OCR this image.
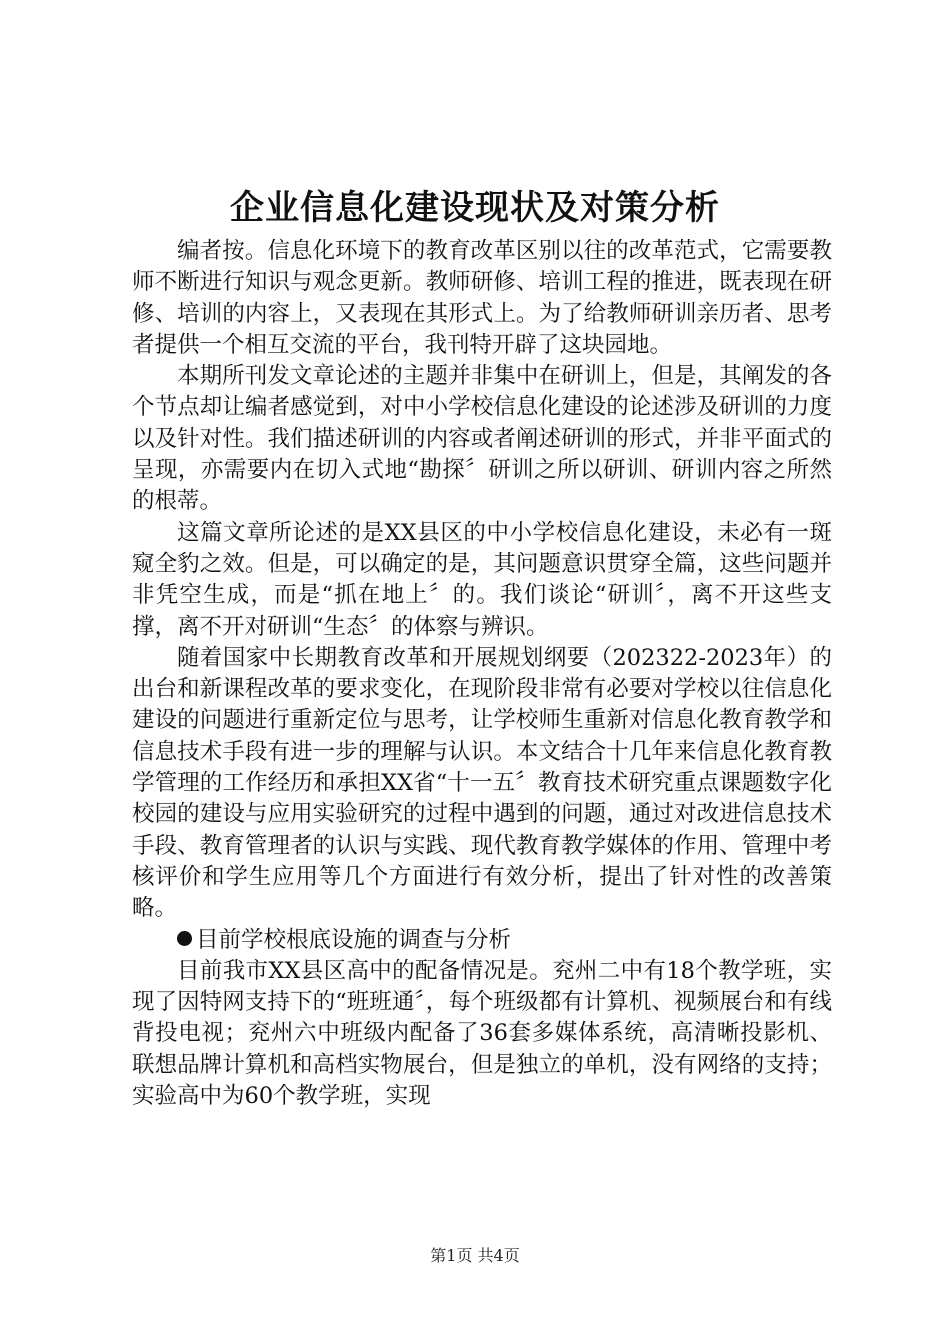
企业信息化建设现状及对策分析

编者按。信息化环境下的教育改革区别以往的改革范式，它需要教师不断进行知识与观念更新。教师研修、培训工程的推进，既表现在研修、培训的内容上，又表现在其形式上。为了给教师研训亲历者、思考者提供一个相互交流的平台，我刊特开辟了这块园地。

本期所刊发文章论述的主题并非集中在研训上，但是，其阐发的各个节点却让编者感觉到，对中小学校信息化建设的论述涉及研训的力度以及针对性。我们描述研训的内容或者阐述研训的形式，并非平面式的呈现，亦需要内在切入式地“勘探〞研训之所以研训、研训内容之所然的根蒂。

这篇文章所论述的是XX县区的中小学校信息化建设，未必有一斑窥全豹之效。但是，可以确定的是，其问题意识贯穿全篇，这些问题并非凭空生成，而是“抓在地上〞的。我们谈论“研训〞，离不开这些支撑，离不开对研训“生态〞的体察与辨识。

随着国家中长期教育改革和开展规划纲要（202322-2023年）的出台和新课程改革的要求变化，在现阶段非常有必要对学校以往信息化建设的问题进行重新定位与思考，让学校师生重新对信息化教育教学和信息技术手段有进一步的理解与认识。本文结合十几年来信息化教育教学管理的工作经历和承担XX省“十一五〞教育技术研究重点课题数字化校园的建设与应用实验研究的过程中遇到的问题，通过对改进信息技术手段、教育管理者的认识与实践、现代教育教学媒体的作用、管理中考核评价和学生应用等几个方面进行有效分析，提出了针对性的改善策略。

目前学校根底设施的调查与分析

目前我市XX县区高中的配备情况是。兖州二中有18个教学班，实现了因特网支持下的“班班通〞，每个班级都有计算机、视频展台和有线背投电视；兖州六中班级内配备了36套多媒体系统，高清晰投影机、联想品牌计算机和高档实物展台，但是独立的单机，没有网络的支持；实验高中为60个教学班，实现

第1页 共4页
